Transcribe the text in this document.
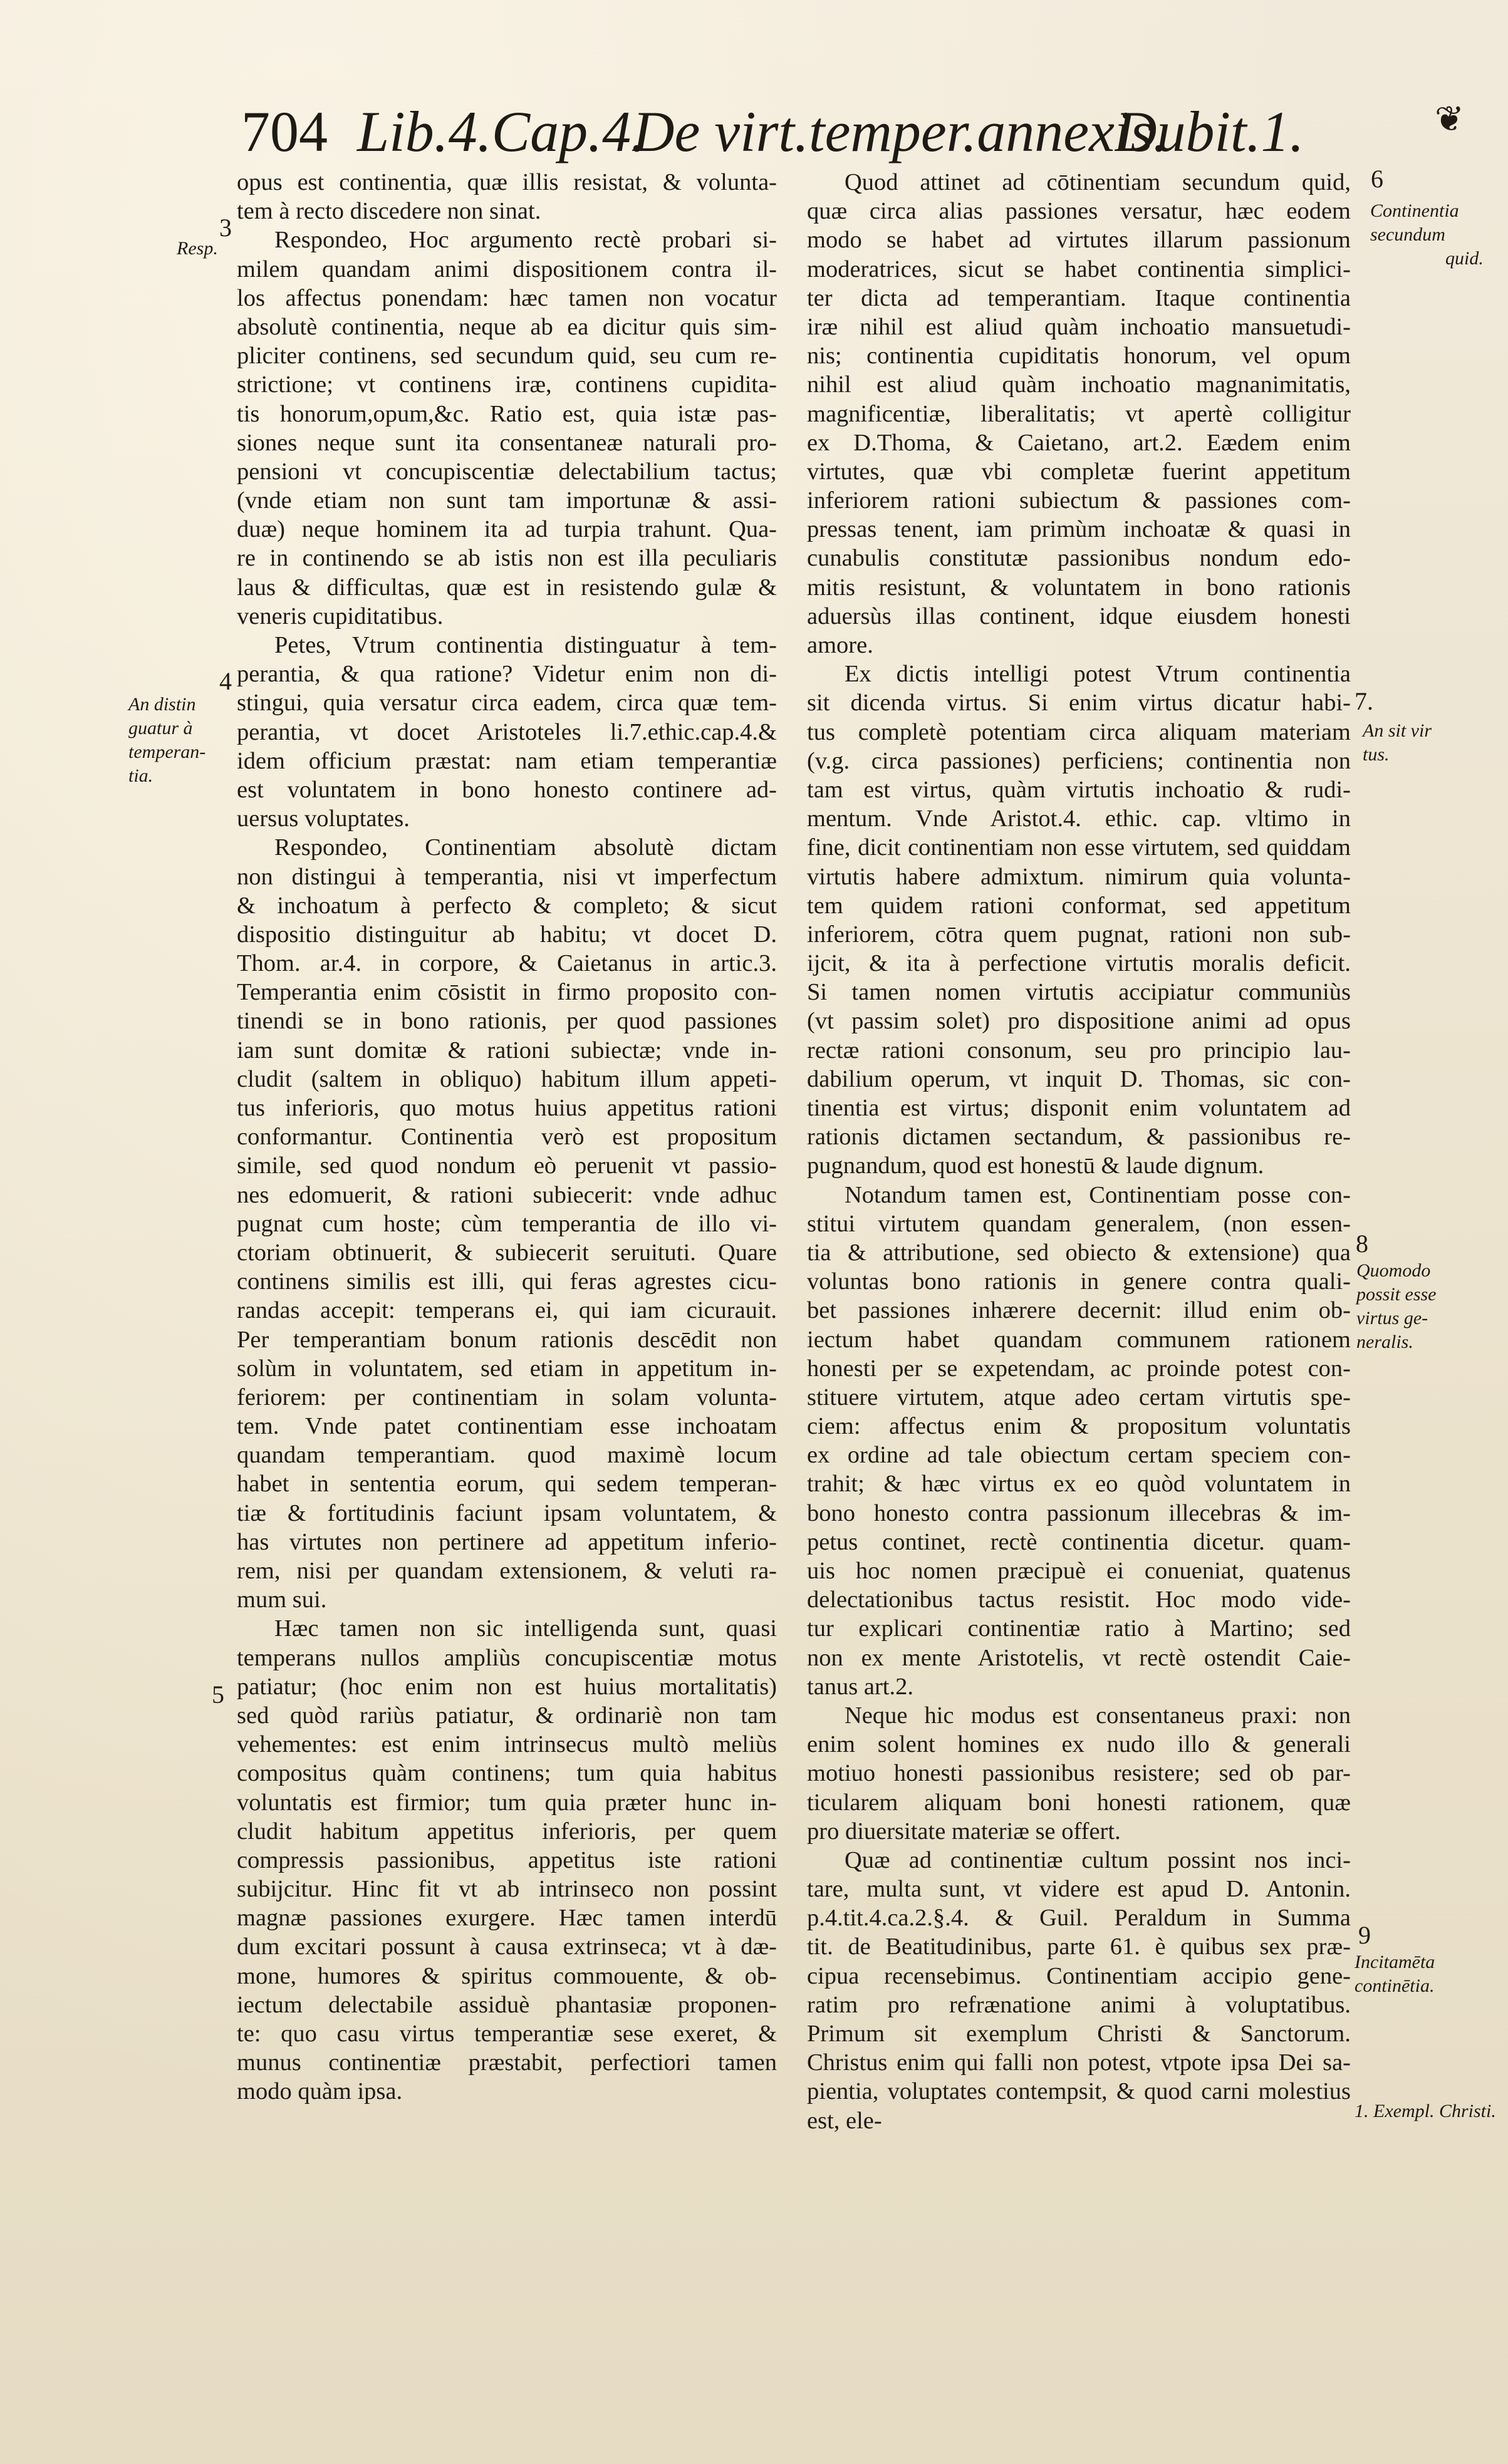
704 Lib.4.Cap.4.
De virt.temper.annexis.
Dubit.1.	❦
opus est continentia, quæ illis resistat, & volunta-
tem à recto discedere non sinat.
Respondeo, Hoc argumento rectè probari si-
milem quandam animi dispositionem contra il-
los affectus ponendam: hæc tamen non vocatur
absolutè continentia, neque ab ea dicitur quis sim-
pliciter continens, sed secundum quid, seu cum re-
strictione; vt continens iræ, continens cupidita-
tis honorum,opum,&c. Ratio est, quia istæ pas-
siones neque sunt ita consentaneæ naturali pro-
pensioni vt concupiscentiæ delectabilium tactus;
(vnde etiam non sunt tam importunæ & assi-
duæ) neque hominem ita ad turpia trahunt. Qua-
re in continendo se ab istis non est illa peculiaris
laus & difficultas, quæ est in resistendo gulæ &
veneris cupiditatibus.
Petes, Vtrum continentia distinguatur à tem-
perantia, & qua ratione? Videtur enim non di-
stingui, quia versatur circa eadem, circa quæ tem-
perantia, vt docet Aristoteles li.7.ethic.cap.4.&
idem officium præstat: nam etiam temperantiæ
est voluntatem in bono honesto continere ad-
uersus voluptates.
Respondeo, Continentiam absolutè dictam
non distingui à temperantia, nisi vt imperfectum
& inchoatum à perfecto & completo; & sicut
dispositio distinguitur ab habitu; vt docet D.
Thom. ar.4. in corpore, & Caietanus in artic.3.
Temperantia enim cōsistit in firmo proposito con-
tinendi se in bono rationis, per quod passiones
iam sunt domitæ & rationi subiectæ; vnde in-
cludit (saltem in obliquo) habitum illum appeti-
tus inferioris, quo motus huius appetitus rationi
conformantur. Continentia verò est propositum
simile, sed quod nondum eò peruenit vt passio-
nes edomuerit, & rationi subiecerit: vnde adhuc
pugnat cum hoste; cùm temperantia de illo vi-
ctoriam obtinuerit, & subiecerit seruituti. Quare
continens similis est illi, qui feras agrestes cicu-
randas accepit: temperans ei, qui iam cicurauit.
Per temperantiam bonum rationis descēdit non
solùm in voluntatem, sed etiam in appetitum in-
feriorem: per continentiam in solam volunta-
tem. Vnde patet continentiam esse inchoatam
quandam temperantiam. quod maximè locum
habet in sententia eorum, qui sedem temperan-
tiæ & fortitudinis faciunt ipsam voluntatem, &
has virtutes non pertinere ad appetitum inferio-
rem, nisi per quandam extensionem, & veluti ra-
mum sui.
Hæc tamen non sic intelligenda sunt, quasi
temperans nullos ampliùs concupiscentiæ motus
patiatur; (hoc enim non est huius mortalitatis)
sed quòd rariùs patiatur, & ordinariè non tam
vehementes: est enim intrinsecus multò meliùs
compositus quàm continens; tum quia habitus
voluntatis est firmior; tum quia præter hunc in-
cludit habitum appetitus inferioris, per quem
compressis passionibus, appetitus iste rationi
subijcitur. Hinc fit vt ab intrinseco non possint
magnæ passiones exurgere. Hæc tamen interdū
dum excitari possunt à causa extrinseca; vt à dæ-
mone, humores & spiritus commouente, & ob-
iectum delectabile assiduè phantasiæ proponen-
te: quo casu virtus temperantiæ sese exeret, &
munus continentiæ præstabit, perfectiori tamen
modo quàm ipsa.
Quod attinet ad cōtinentiam secundum quid,
quæ circa alias passiones versatur, hæc eodem
modo se habet ad virtutes illarum passionum
moderatrices, sicut se habet continentia simplici-
ter dicta ad temperantiam. Itaque continentia
iræ nihil est aliud quàm inchoatio mansuetudi-
nis; continentia cupiditatis honorum, vel opum
nihil est aliud quàm inchoatio magnanimitatis,
magnificentiæ, liberalitatis; vt apertè colligitur
ex D.Thoma, & Caietano, art.2. Eædem enim
virtutes, quæ vbi completæ fuerint appetitum
inferiorem rationi subiectum & passiones com-
pressas tenent, iam primùm inchoatæ & quasi in
cunabulis constitutæ passionibus nondum edo-
mitis resistunt, & voluntatem in bono rationis
aduersùs illas continent, idque eiusdem honesti
amore.
Ex dictis intelligi potest Vtrum continentia
sit dicenda virtus. Si enim virtus dicatur habi-
tus completè potentiam circa aliquam materiam
(v.g. circa passiones) perficiens; continentia non
tam est virtus, quàm virtutis inchoatio & rudi-
mentum. Vnde Aristot.4. ethic. cap. vltimo in
fine, dicit continentiam non esse virtutem, sed quiddam
virtutis habere admixtum. nimirum quia volunta-
tem quidem rationi conformat, sed appetitum
inferiorem, cōtra quem pugnat, rationi non sub-
ijcit, & ita à perfectione virtutis moralis deficit.
Si tamen nomen virtutis accipiatur communiùs
(vt passim solet) pro dispositione animi ad opus
rectæ rationi consonum, seu pro principio lau-
dabilium operum, vt inquit D. Thomas, sic con-
tinentia est virtus; disponit enim voluntatem ad
rationis dictamen sectandum, & passionibus re-
pugnandum, quod est honestū & laude dignum.
Notandum tamen est, Continentiam posse con-
stitui virtutem quandam generalem, (non essen-
tia & attributione, sed obiecto & extensione) qua
voluntas bono rationis in genere contra quali-
bet passiones inhærere decernit: illud enim ob-
iectum habet quandam communem rationem
honesti per se expetendam, ac proinde potest con-
stituere virtutem, atque adeo certam virtutis spe-
ciem: affectus enim & propositum voluntatis
ex ordine ad tale obiectum certam speciem con-
trahit; & hæc virtus ex eo quòd voluntatem in
bono honesto contra passionum illecebras & im-
petus continet, rectè continentia dicetur. quam-
uis hoc nomen præcipuè ei conueniat, quatenus
delectationibus tactus resistit. Hoc modo vide-
tur explicari continentiæ ratio à Martino; sed
non ex mente Aristotelis, vt rectè ostendit Caie-
tanus art.2.
Neque hic modus est consentaneus praxi: non
enim solent homines ex nudo illo & generali
motiuo honesti passionibus resistere; sed ob par-
ticularem aliquam boni honesti rationem, quæ
pro diuersitate materiæ se offert.
Quæ ad continentiæ cultum possint nos inci-
tare, multa sunt, vt videre est apud D. Antonin.
p.4.tit.4.ca.2.§.4. & Guil. Peraldum in Summa
tit. de Beatitudinibus, parte 61. è quibus sex præ-
cipua recensebimus. Continentiam accipio gene-
ratim pro refrænatione animi à voluptatibus.
Primum sit exemplum Christi & Sanctorum.
Christus enim qui falli non potest, vtpote ipsa Dei sa-
pientia, voluptates contempsit, & quod carni molestius
est, ele-
Resp.
An distin
guatur à
temperan-
tia.
Continentia
secundum
quid.
An sit vir
tus.
Quomodo
possit esse
virtus ge-
neralis.
Incitamēta
continētia.
1. Exempl. Christi.
3
4
5
6
7.
8
9
